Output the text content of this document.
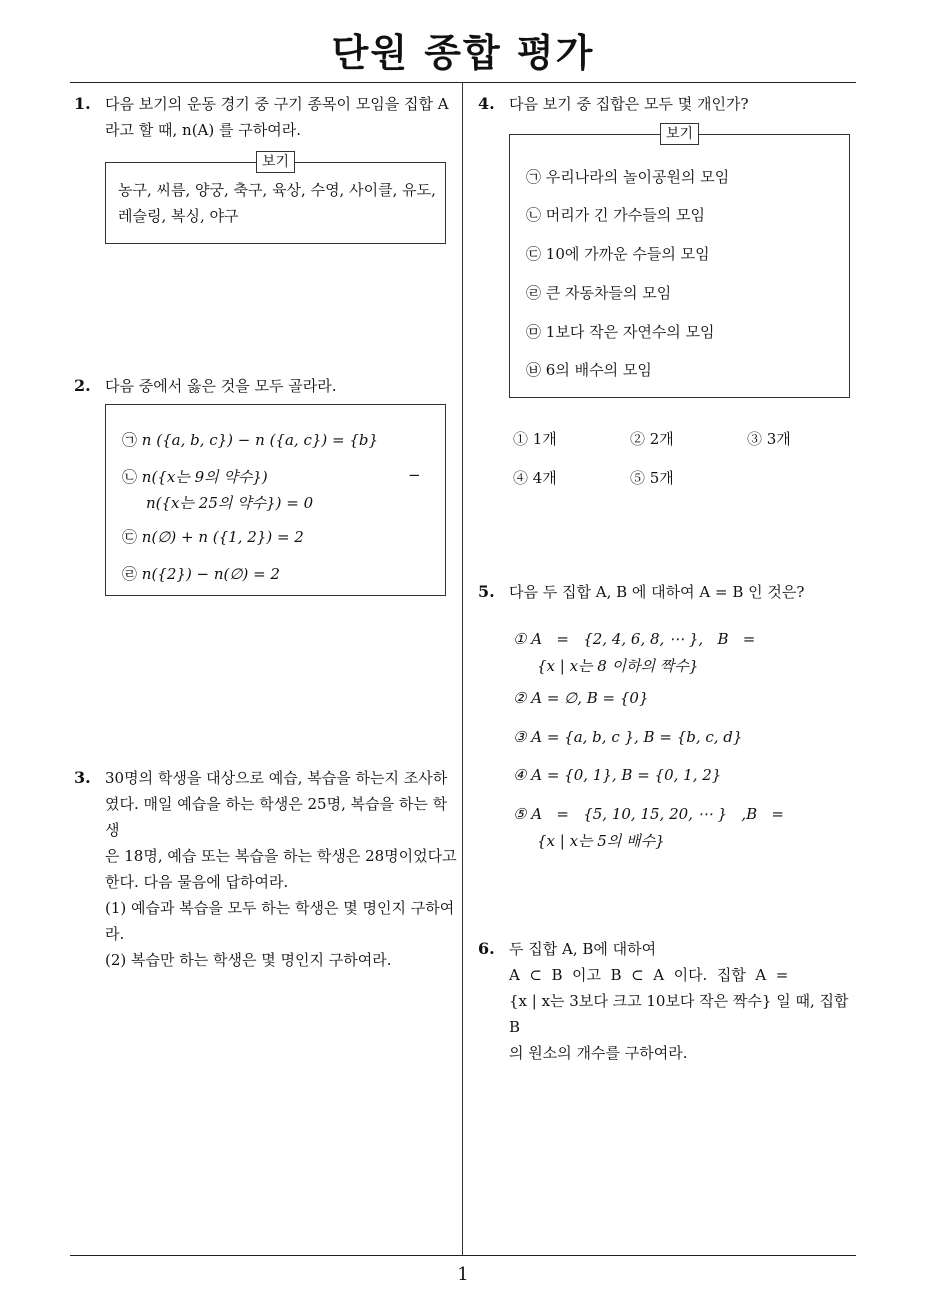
단원 종합 평가
1. 다음 보기의 운동 경기 중 구기 종목이 모임을 집합 A
라고 할 때, n(A) 를 구하여라.
보기
농구, 씨름, 양궁, 축구, 육상, 수영, 사이클, 유도,
레슬링, 복싱, 야구
2. 다음 중에서 옳은 것을 모두 골라라.
㉠ n ({a, b, c}) − n ({a, c}) = {b}
㉡ n({x는 9의 약수})	−
n({x는 25의 약수}) = 0
㉢ n(∅) + n ({1, 2}) = 2
㉣ n({2}) − n(∅) = 2
3. 30명의 학생을 대상으로 예습, 복습을 하는지 조사하
였다. 매일 예습을 하는 학생은 25명, 복습을 하는 학생
은 18명, 예습 또는 복습을 하는 학생은 28명이었다고
한다. 다음 물음에 답하여라.
(1) 예습과 복습을 모두 하는 학생은 몇 명인지 구하여
라.
(2) 복습만 하는 학생은 몇 명인지 구하여라.
4. 다음 보기 중 집합은 모두 몇 개인가?
보기
㉠ 우리나라의 놀이공원의 모임
㉡ 머리가 긴 가수들의 모임
㉢ 10에 가까운 수들의 모임
㉣ 큰 자동차들의 모임
㉤ 1보다 작은 자연수의 모임
㉥ 6의 배수의 모임
① 1개	② 2개	③ 3개
④ 4개	⑤ 5개
5. 다음 두 집합 A, B 에 대하여 A = B 인 것은?
① A   =   {2, 4, 6, 8, ⋯ },   B   =
{x | x는 8 이하의 짝수}
② A = ∅, B = {0}
③ A = {a, b, c }, B = {b, c, d}
④ A = {0, 1}, B = {0, 1, 2}
⑤ A   =   {5, 10, 15, 20, ⋯ }   ,B   =
{x | x는 5의 배수}
6. 두 집합 A, B에 대하여
A  ⊂  B  이고  B  ⊂  A  이다.  집합  A  =
{x | x는 3보다 크고 10보다 작은 짝수} 일 때, 집합 B
의 원소의 개수를 구하여라.
1
